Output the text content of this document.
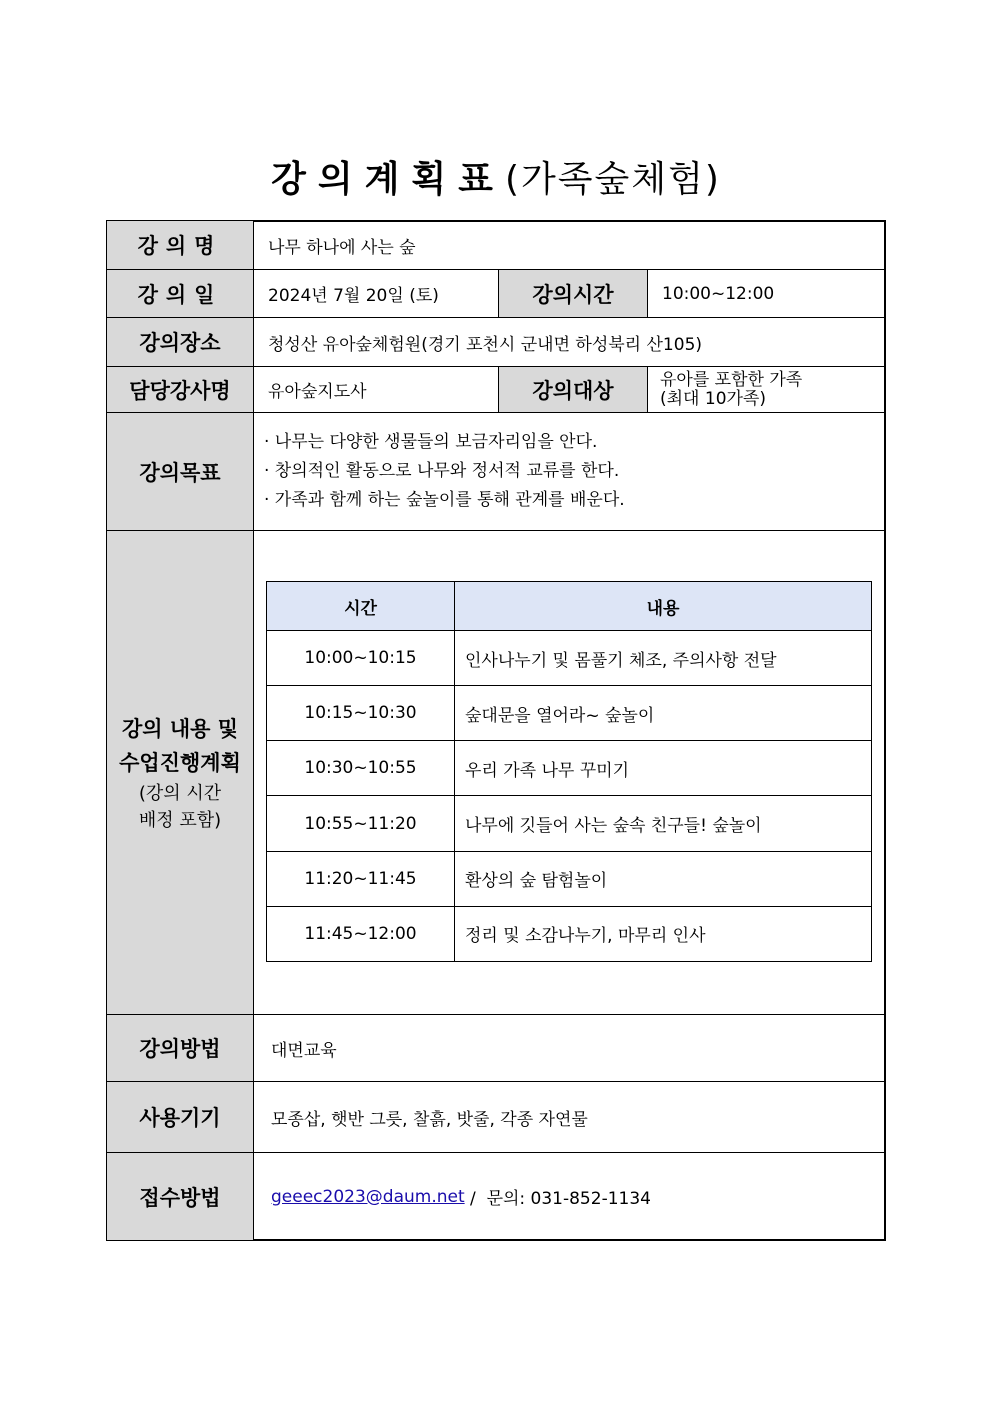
강의계획표(가족숲체험)
강의명	나무 하나에 사는 숲
강의일	2024년 7월 20일 (토)	강의시간	10:00~12:00
강의장소	청성산 유아숲체험원(경기 포천시 군내면 하성북리 산105)
담당강사명	유아숲지도사	강의대상	유아를 포함한 가족
(최대 10가족)
강의목표
· 나무는 다양한 생물들의 보금자리임을 안다.
· 창의적인 활동으로 나무와 정서적 교류를 한다.
· 가족과 함께 하는 숲놀이를 통해 관계를 배운다.
강의 내용 및
수업진행계획
(강의 시간
배정 포함)
시간	내용
10:00~10:15	인사나누기 및 몸풀기 체조, 주의사항 전달
10:15~10:30	숲대문을 열어라~ 숲놀이
10:30~10:55	우리 가족 나무 꾸미기
10:55~11:20	나무에 깃들어 사는 숲속 친구들! 숲놀이
11:20~11:45	환상의 숲 탐험놀이
11:45~12:00	정리 및 소감나누기, 마무리 인사
강의방법	대면교육
사용기기	모종삽, 햇반 그릇, 찰흙, 밧줄, 각종 자연물
접수방법	geeec2023@daum.net /  문의: 031-852-1134
